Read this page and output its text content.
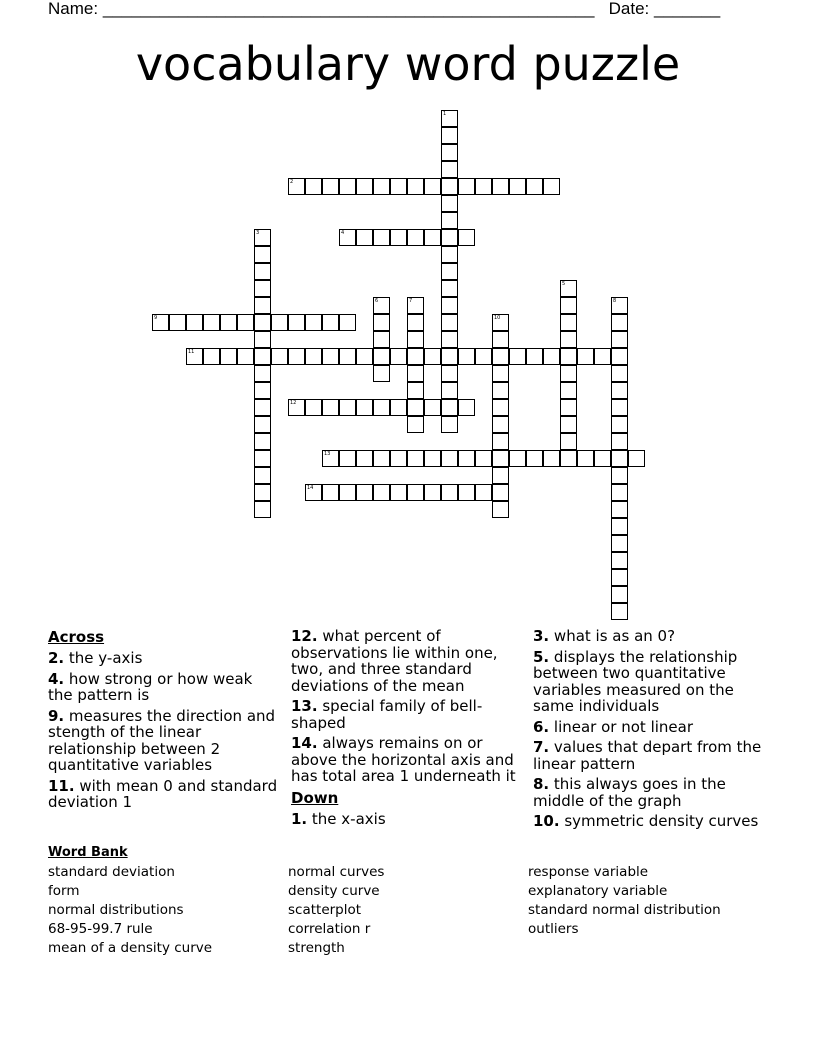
Name: ____________________________________________________ Date: _______
vocabulary word puzzle
1
2
3	4
5
6	7	8
9	10
11
12
13
14
Across
2. the y-axis
4. how strong or how weak the pattern is
9. measures the direction and stength of the linear relationship between 2 quantitative variables
11. with mean 0 and standard deviation 1
12. what percent of observations lie within one, two, and three standard deviations of the mean
13. special family of bell-shaped
14. always remains on or above the horizontal axis and has total area 1 underneath it
Down
1. the x-axis
3. what is as an 0?
5. displays the relationship between two quantitative variables measured on the same individuals
6. linear or not linear
7. values that depart from the linear pattern
8. this always goes in the middle of the graph
10. symmetric density curves
Word Bank
standard deviation
form
normal distributions
68-95-99.7 rule
mean of a density curve
normal curves
density curve
scatterplot
correlation r
strength
response variable
explanatory variable
standard normal distribution
outliers
